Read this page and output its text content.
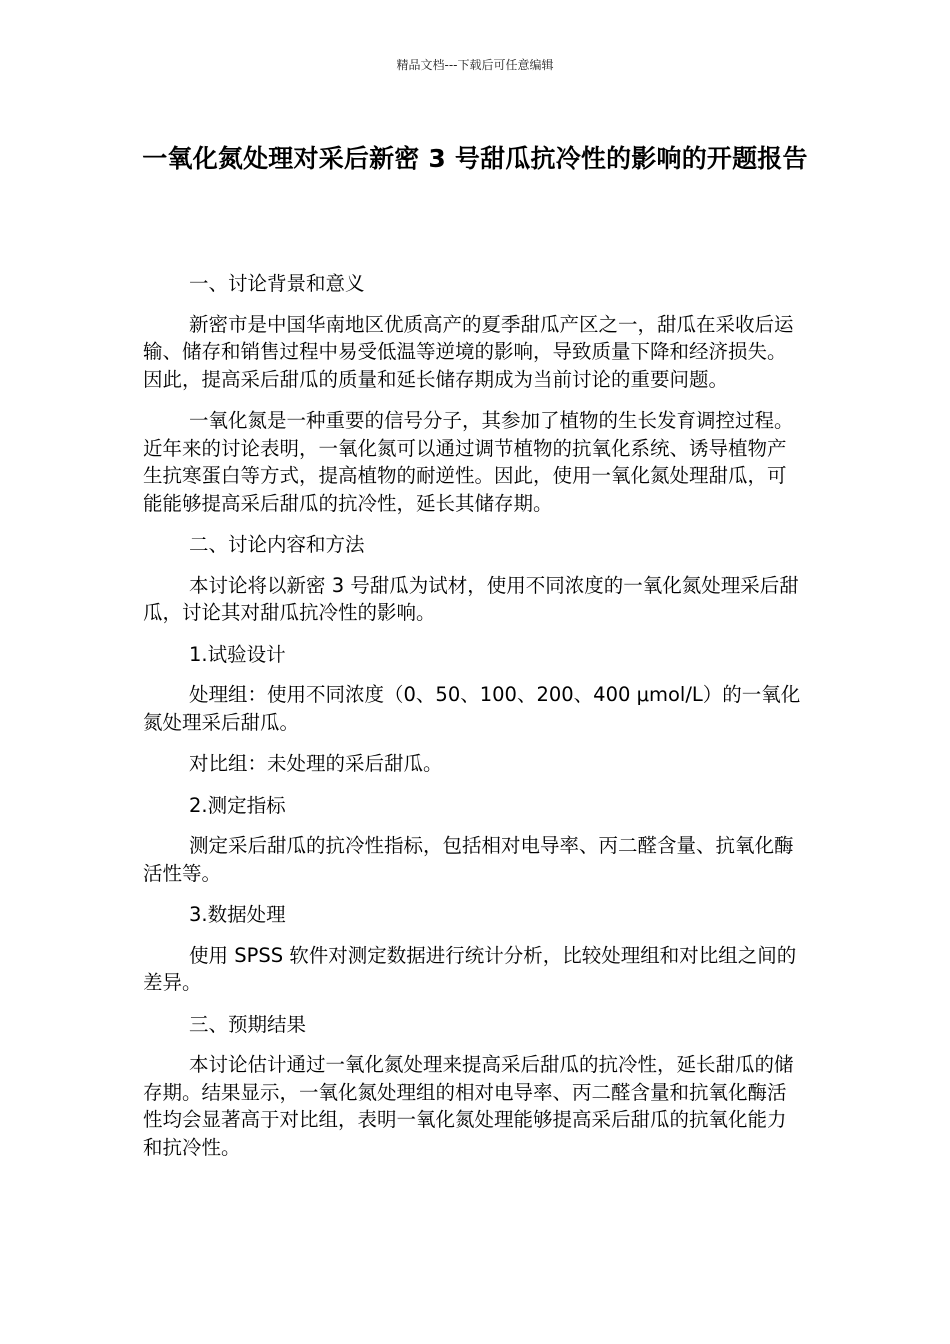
精品文档---下载后可任意编辑
一氧化氮处理对采后新密 3 号甜瓜抗冷性的影响的开题报告

一、讨论背景和意义

新密市是中国华南地区优质高产的夏季甜瓜产区之一，甜瓜在采收后运输、储存和销售过程中易受低温等逆境的影响，导致质量下降和经济损失。因此，提高采后甜瓜的质量和延长储存期成为当前讨论的重要问题。

一氧化氮是一种重要的信号分子，其参加了植物的生长发育调控过程。近年来的讨论表明，一氧化氮可以通过调节植物的抗氧化系统、诱导植物产生抗寒蛋白等方式，提高植物的耐逆性。因此，使用一氧化氮处理甜瓜，可能能够提高采后甜瓜的抗冷性，延长其储存期。

二、讨论内容和方法

本讨论将以新密 3 号甜瓜为试材，使用不同浓度的一氧化氮处理采后甜瓜，讨论其对甜瓜抗冷性的影响。

1.试验设计

处理组：使用不同浓度（0、50、100、200、400 μmol/L）的一氧化氮处理采后甜瓜。

对比组：未处理的采后甜瓜。

2.测定指标

测定采后甜瓜的抗冷性指标，包括相对电导率、丙二醛含量、抗氧化酶活性等。

3.数据处理

使用 SPSS 软件对测定数据进行统计分析，比较处理组和对比组之间的差异。

三、预期结果

本讨论估计通过一氧化氮处理来提高采后甜瓜的抗冷性，延长甜瓜的储存期。结果显示，一氧化氮处理组的相对电导率、丙二醛含量和抗氧化酶活性均会显著高于对比组，表明一氧化氮处理能够提高采后甜瓜的抗氧化能力和抗冷性。
